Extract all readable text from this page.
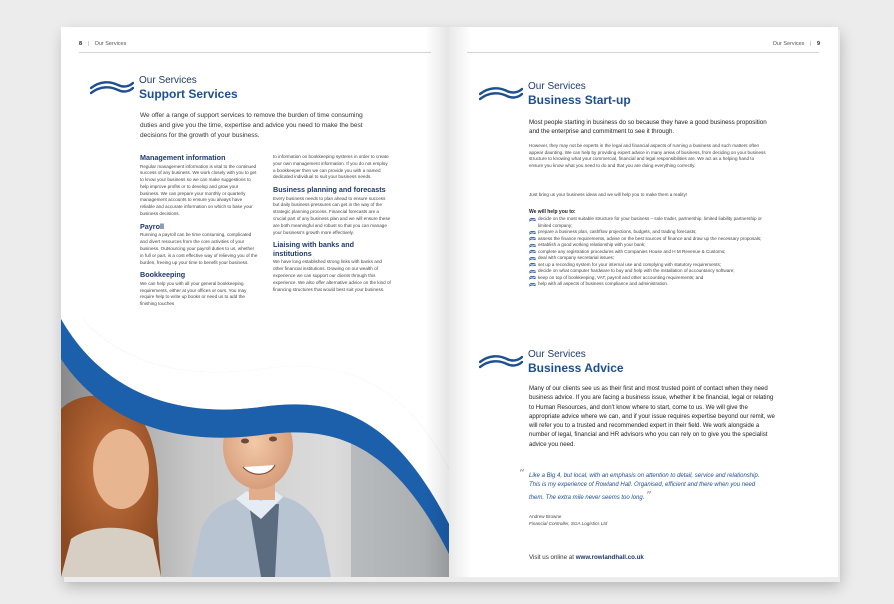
8 | Our Services
Our Services
Support Services
We offer a range of support services to remove the burden of time consuming duties and give you the time, expertise and advice you need to make the best decisions for the growth of your business.
Management information
Regular management information is vital to the continued success of any business. We work closely with you to get to know your business so we can make suggestions to help improve profits or to develop and grow your business. We can prepare your monthly or quarterly management accounts to ensure you always have reliable and accurate information on which to base your business decisions.
Payroll
Running a payroll can be time consuming, complicated and divert resources from the core activities of your business. Outsourcing your payroll duties to us, whether in full or part, is a cost effective way of relieving you of the burden, freeing up your time to benefit your business.
Bookkeeping
We can help you with all your general bookkeeping requirements, either at your offices or ours. You may require help to write up books or need us to add the finishing touches
to information on bookkeeping systems in order to create your own management information. If you do not employ a bookkeeper then we can provide you with a named dedicated individual to suit your business needs.
Business planning and forecasts
Every business needs to plan ahead to ensure success but daily business pressures can get in the way of the strategic planning process. Financial forecasts are a crucial part of any business plan and we will ensure these are both meaningful and robust so that you can manage your business's growth more effectively.
Liaising with banks and institutions
We have long established strong links with banks and other financial institutions. Drawing on our wealth of experience we can support our clients through this experience. We also offer alternative advice on the kind of financing structures that would best suit your business.
Our Services | 9
Our Services
Business Start-up
Most people starting in business do so because they have a good business proposition and the enterprise and commitment to see it through.
However, they may not be experts in the legal and financial aspects of running a business and such matters often appear daunting. We can help by providing expert advice in many areas of business, from deciding on your business structure to knowing what your commercial, financial and legal responsibilities are. We act as a helping hand to ensure you know what you need to do and that you are doing everything correctly.
Just bring us your business ideas and we will help you to make them a reality!
We will help you to:
decide on the most suitable structure for your business – sole trader, partnership, limited liability partnership or limited company;
prepare a business plan, cashflow projections, budgets, and trading forecasts;
assess the finance requirements, advise on the best sources of finance and draw up the necessary proposals;
establish a good working relationship with your bank;
complete any registration procedures with Companies House and H M Revenue & Customs;
deal with company secretarial issues;
set up a recording system for your internal use and complying with statutory requirements;
decide on what computer hardware to buy and help with the installation of accountancy software;
keep on top of bookkeeping, VAT, payroll and other accounting requirements; and
help with all aspects of business compliance and administration.
Our Services
Business Advice
Many of our clients see us as their first and most trusted point of contact when they need business advice. If you are facing a business issue, whether it be financial, legal or relating to Human Resources, and don't know where to start, come to us. We will give the appropriate advice where we can, and if your issue requires expertise beyond our remit, we will refer you to a trusted and recommended expert in their field. We work alongside a number of legal, financial and HR advisors who you can rely on to give you the specialist advice you need.
“ Like a Big 4, but local, with an emphasis on attention to detail, service and relationship. This is my experience of Rowland Hall. Organised, efficient and there when you need them. The extra mile never seems too long. ”
Andrew Browne
Financial Controller, SGA Logistics Ltd
Visit us online at www.rowlandhall.co.uk
